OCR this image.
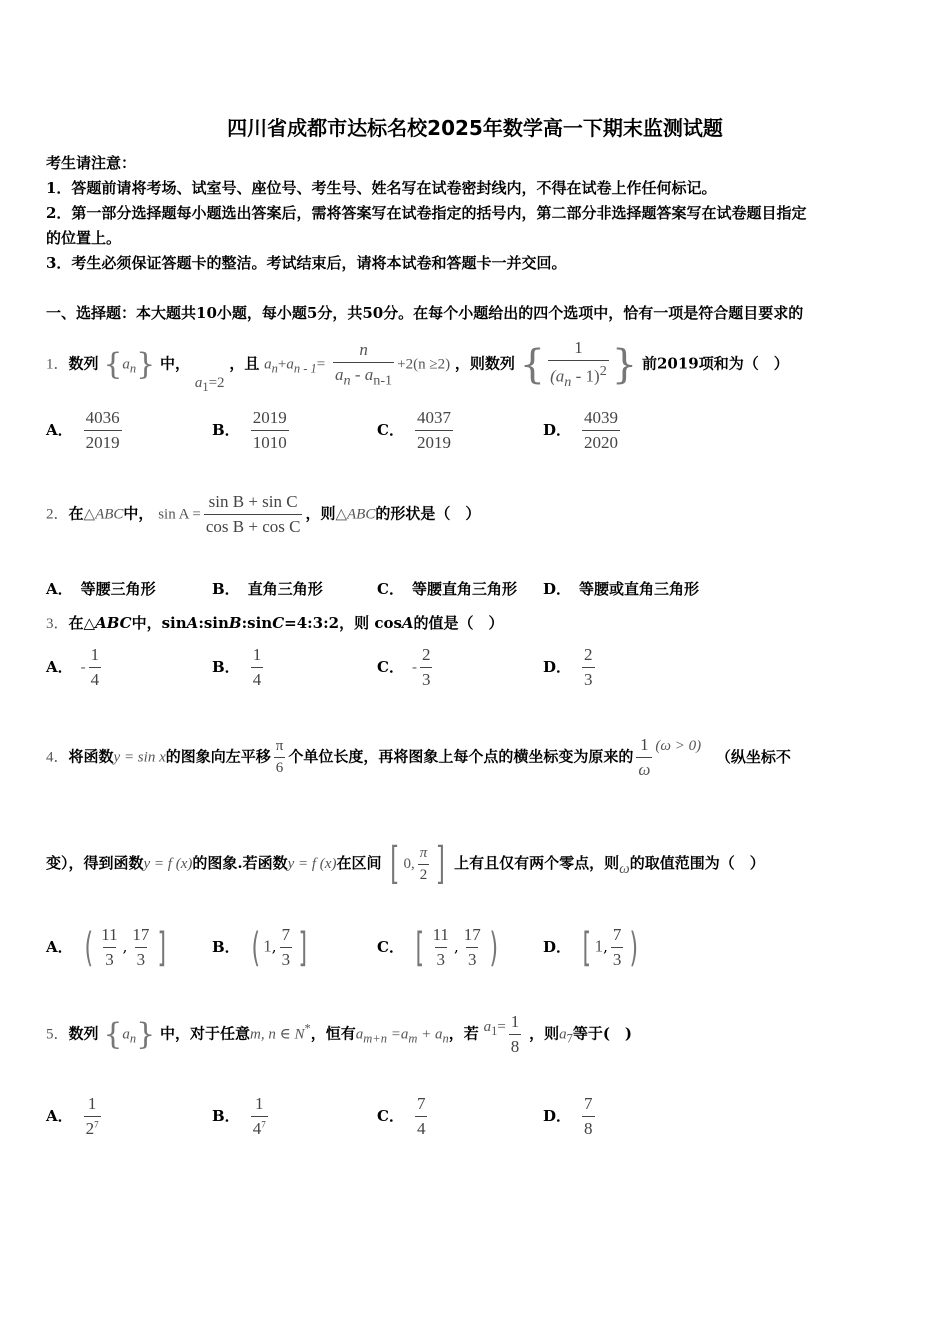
四川省成都市达标名校2025年数学高一下期末监测试题
考生请注意：
1．答题前请将考场、试室号、座位号、考生号、姓名写在试卷密封线内，不得在试卷上作任何标记。
2．第一部分选择题每小题选出答案后，需将答案写在试卷指定的括号内，第二部分非选择题答案写在试卷题目指定
的位置上。
3．考生必须保证答题卡的整洁。考试结束后，请将本试卷和答题卡一并交回。
一、选择题：本大题共10小题，每小题5分，共50分。在每个小题给出的四个选项中，恰有一项是符合题目要求的
1．数列 $\{a_n\}$ 中， $a_1=2$ ，且 $a_n+a_{n - 1}= \frac{n}{a_n - a_{n-1}} +2(n \ge 2)$ ，则数列 { $\frac{1}{(a_n - 1)^2}$ } 前2019项和为（　）
A． $\frac{4036}{2019}$	B． $\frac{2019}{1010}$	C． $\frac{4037}{2019}$	D． $\frac{4039}{2020}$
2．在△ABC中， $\sin A = \frac{\text{sin B + sin C}}{\text{cos B + cos C}}$ ，则△ABC的形状是（　）
A． 等腰三角形	B． 直角三角形	C． 等腰直角三角形 D． 等腰或直角三角形
3．在△ABC中，sinA:sinB:sinC=4:3:2，则 cosA的值是（　）
A． - $\frac{1}{4}$	B． $\frac{1}{4}$	C． - $\frac{2}{3}$	D． $\frac{2}{3}$
4．将函数y = sin x的图象向左平移 $\frac{\pi}{6}$ 个单位长度，再将图象上每个点的横坐标变为原来的 $\frac{1}{\omega} (\omega > 0)$ （纵坐标不
变），得到函数y = f (x)的图象.若函数y = f (x)在区间 [ 0, $\frac{\pi}{2}$ ] 上有且仅有两个零点，则ω的取值范围为（　）
A． ( $\frac{11}{3}$ , $\frac{17}{3}$ ]	B． ( 1, $\frac{7}{3}$ ]	C． [ $\frac{11}{3}$ , $\frac{17}{3}$ )	D． [ 1, $\frac{7}{3}$ )
5．数列 $\{a_n\}$ 中，对于任意m, n ∈ N*，恒有$a_{m+n} =a_m + a_n$，若 $a_1= \frac{1}{8}$ ，则$a_7$等于(　)
A． $\frac{1}{2^7}$	B． $\frac{1}{4^7}$	C． $\frac{7}{4}$	D． $\frac{7}{8}$
